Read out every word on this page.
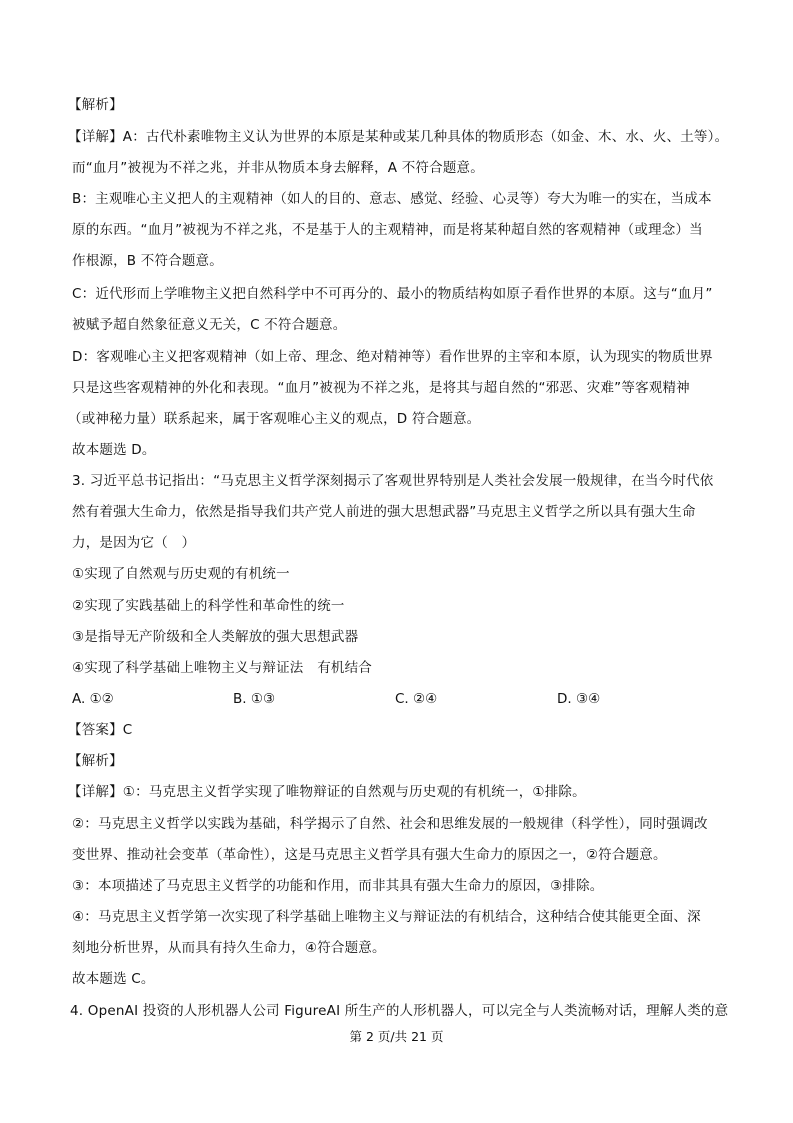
【解析】
【详解】A：古代朴素唯物主义认为世界的本原是某种或某几种具体的物质形态（如金、木、水、火、土等）。
而“血月”被视为不祥之兆，并非从物质本身去解释，A 不符合题意。
B：主观唯心主义把人的主观精神（如人的目的、意志、感觉、经验、心灵等）夸大为唯一的实在，当成本
原的东西。“血月”被视为不祥之兆，不是基于人的主观精神，而是将某种超自然的客观精神（或理念）当
作根源，B 不符合题意。
C：近代形而上学唯物主义把自然科学中不可再分的、最小的物质结构如原子看作世界的本原。这与“血月”
被赋予超自然象征意义无关，C 不符合题意。
D：客观唯心主义把客观精神（如上帝、理念、绝对精神等）看作世界的主宰和本原，认为现实的物质世界
只是这些客观精神的外化和表现。“血月”被视为不祥之兆，是将其与超自然的“邪恶、灾难”等客观精神
（或神秘力量）联系起来，属于客观唯心主义的观点，D 符合题意。
故本题选 D。
3. 习近平总书记指出：“马克思主义哲学深刻揭示了客观世界特别是人类社会发展一般规律，在当今时代依
然有着强大生命力，依然是指导我们共产党人前进的强大思想武器”马克思主义哲学之所以具有强大生命
力，是因为它（　）
①实现了自然观与历史观的有机统一
②实现了实践基础上的科学性和革命性的统一
③是指导无产阶级和全人类解放的强大思想武器
④实现了科学基础上唯物主义与辩证法　有机结合
A. ①②	B. ①③	C. ②④	D. ③④
【答案】C
【解析】
【详解】①：马克思主义哲学实现了唯物辩证的自然观与历史观的有机统一，①排除。
②：马克思主义哲学以实践为基础，科学揭示了自然、社会和思维发展的一般规律（科学性），同时强调改
变世界、推动社会变革（革命性），这是马克思主义哲学具有强大生命力的原因之一，②符合题意。
③：本项描述了马克思主义哲学的功能和作用，而非其具有强大生命力的原因，③排除。
④：马克思主义哲学第一次实现了科学基础上唯物主义与辩证法的有机结合，这种结合使其能更全面、深
刻地分析世界，从而具有持久生命力，④符合题意。
故本题选 C。
4. OpenAI 投资的人形机器人公司 FigureAI 所生产的人形机器人，可以完全与人类流畅对话，理解人类的意
第 2 页/共 21 页
